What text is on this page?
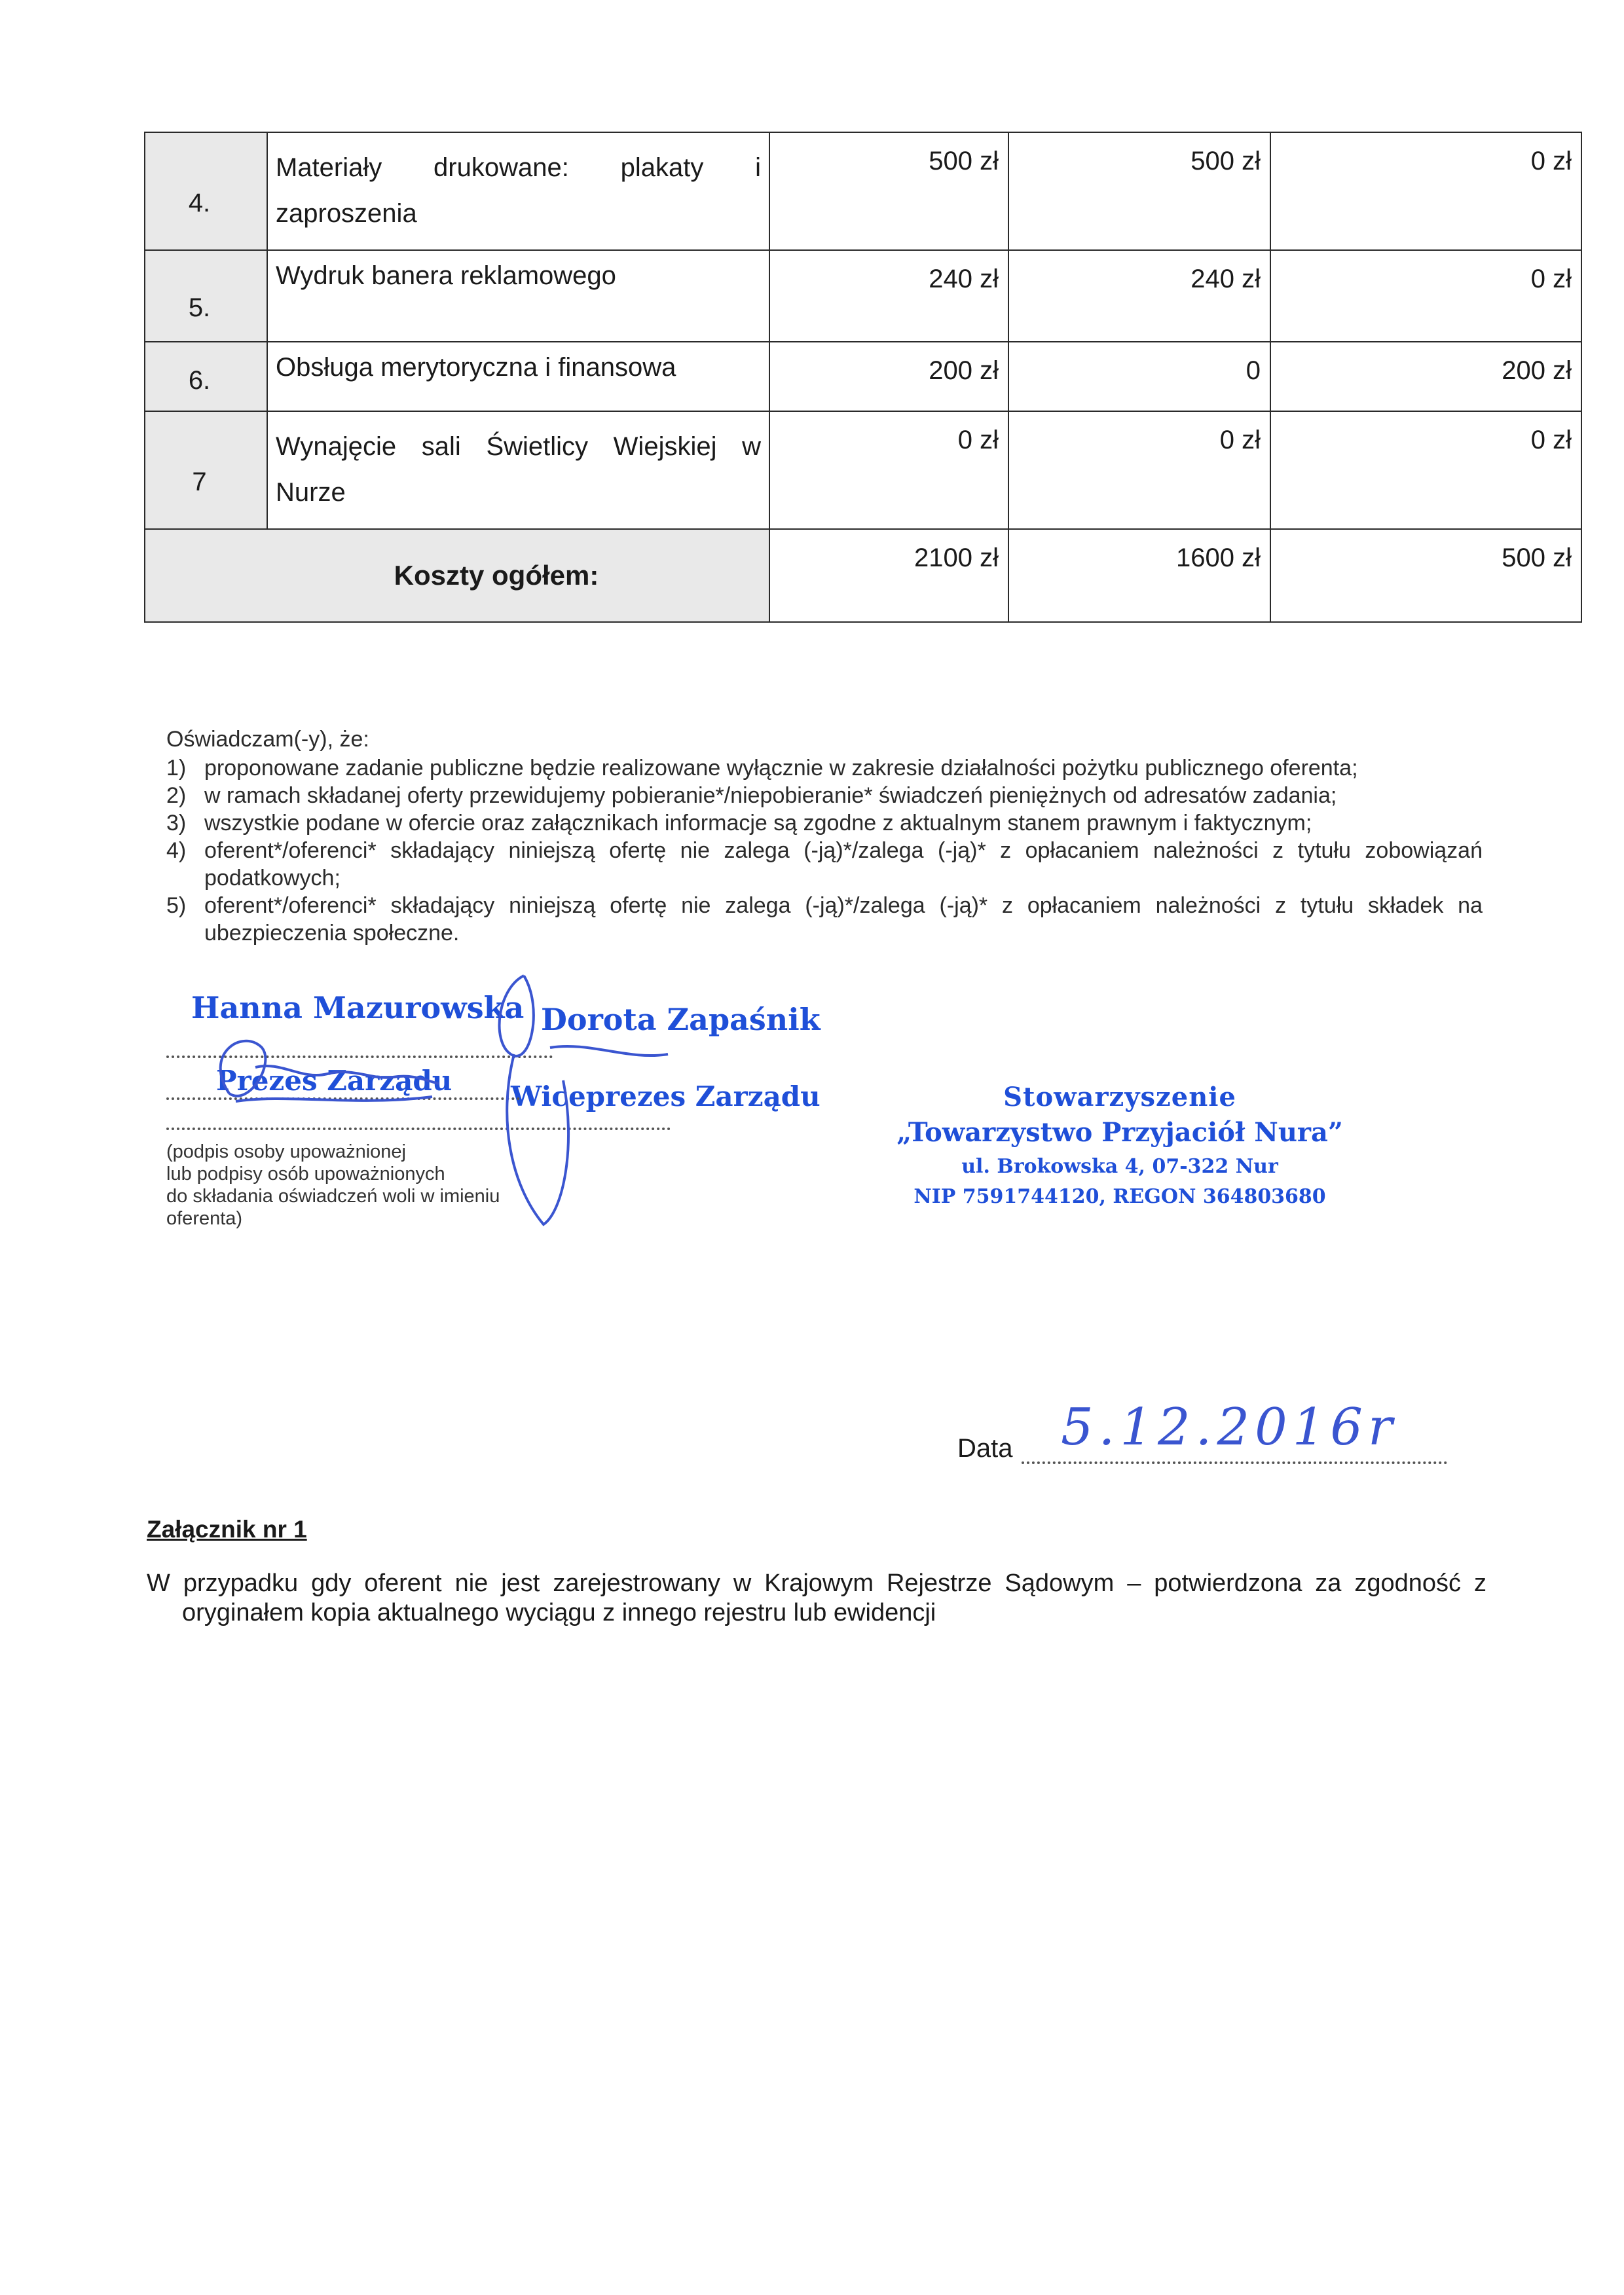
4.	Materiały drukowane: plakaty i zaproszenia	500 zł	500 zł	0 zł
5.	Wydruk banera reklamowego	240 zł	240 zł	0 zł
6.	Obsługa merytoryczna i finansowa	200 zł	0	200 zł
7	Wynajęcie sali Świetlicy Wiejskiej w Nurze	0 zł	0 zł	0 zł
Koszty ogółem:		2100 zł	1600 zł	500 zł
Oświadczam(-y), że:
1) proponowane zadanie publiczne będzie realizowane wyłącznie w zakresie działalności pożytku publicznego oferenta;
2) w ramach składanej oferty przewidujemy pobieranie*/niepobieranie* świadczeń pieniężnych od adresatów zadania;
3) wszystkie podane w ofercie oraz załącznikach informacje są zgodne z aktualnym stanem prawnym i faktycznym;
4) oferent*/oferenci* składający niniejszą ofertę nie zalega (-ją)*/zalega (-ją)* z opłacaniem należności z tytułu zobowiązań podatkowych;
5) oferent*/oferenci* składający niniejszą ofertę nie zalega (-ją)*/zalega (-ją)* z opłacaniem należności z tytułu składek na ubezpieczenia społeczne.
Hanna Mazurowska
Prezes Zarządu
Dorota Zapaśnik
Wiceprezes Zarządu
(podpis osoby upoważnionej
lub podpisy osób upoważnionych
do składania oświadczeń woli w imieniu
oferenta)
Stowarzyszenie
„Towarzystwo Przyjaciół Nura”
ul. Brokowska 4, 07-322 Nur
NIP 7591744120, REGON 364803680
Data 5.12.2016r
Załącznik nr 1
W przypadku gdy oferent nie jest zarejestrowany w Krajowym Rejestrze Sądowym – potwierdzona za zgodność z
oryginałem kopia aktualnego wyciągu z innego rejestru lub ewidencji
